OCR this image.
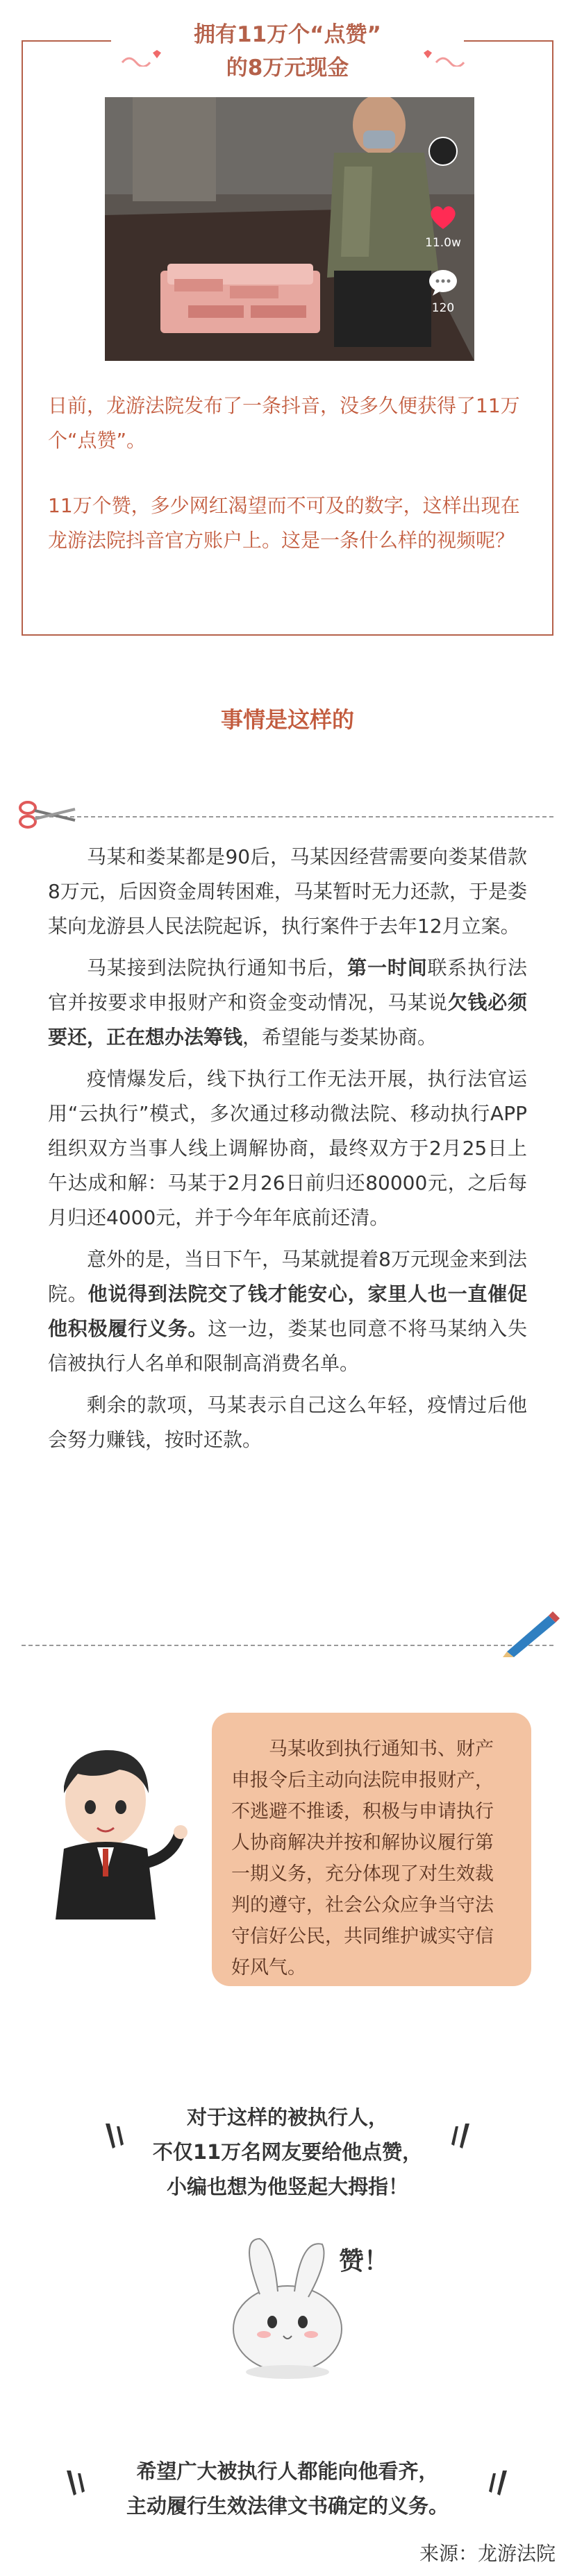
拥有11万个“点赞”
的8万元现金
11.0w
120

日前，龙游法院发布了一条抖音，没多久便获得了11万个“点赞”。

11万个赞，多少网红渴望而不可及的数字，这样出现在龙游法院抖音官方账户上。这是一条什么样的视频呢？

事情是这样的

马某和娄某都是90后，马某因经营需要向娄某借款8万元，后因资金周转困难，马某暂时无力还款，于是娄某向龙游县人民法院起诉，执行案件于去年12月立案。

马某接到法院执行通知书后，第一时间联系执行法官并按要求申报财产和资金变动情况，马某说欠钱必须要还，正在想办法筹钱，希望能与娄某协商。

疫情爆发后，线下执行工作无法开展，执行法官运用“云执行”模式，多次通过移动微法院、移动执行APP组织双方当事人线上调解协商，最终双方于2月25日上午达成和解：马某于2月26日前归还80000元，之后每月归还4000元，并于今年年底前还清。

意外的是，当日下午，马某就提着8万元现金来到法院。他说得到法院交了钱才能安心，家里人也一直催促他积极履行义务。这一边，娄某也同意不将马某纳入失信被执行人名单和限制高消费名单。

剩余的款项，马某表示自己这么年轻，疫情过后他会努力赚钱，按时还款。

马某收到执行通知书、财产申报令后主动向法院申报财产，不逃避不推诿，积极与申请执行人协商解决并按和解协议履行第一期义务，充分体现了对生效裁判的遵守，社会公众应争当守法守信好公民，共同维护诚实守信好风气。
对于这样的被执行人，
不仅11万名网友要给他点赞，
小编也想为他竖起大拇指！
赞！
希望广大被执行人都能向他看齐，
主动履行生效法律文书确定的义务。
来源：龙游法院
